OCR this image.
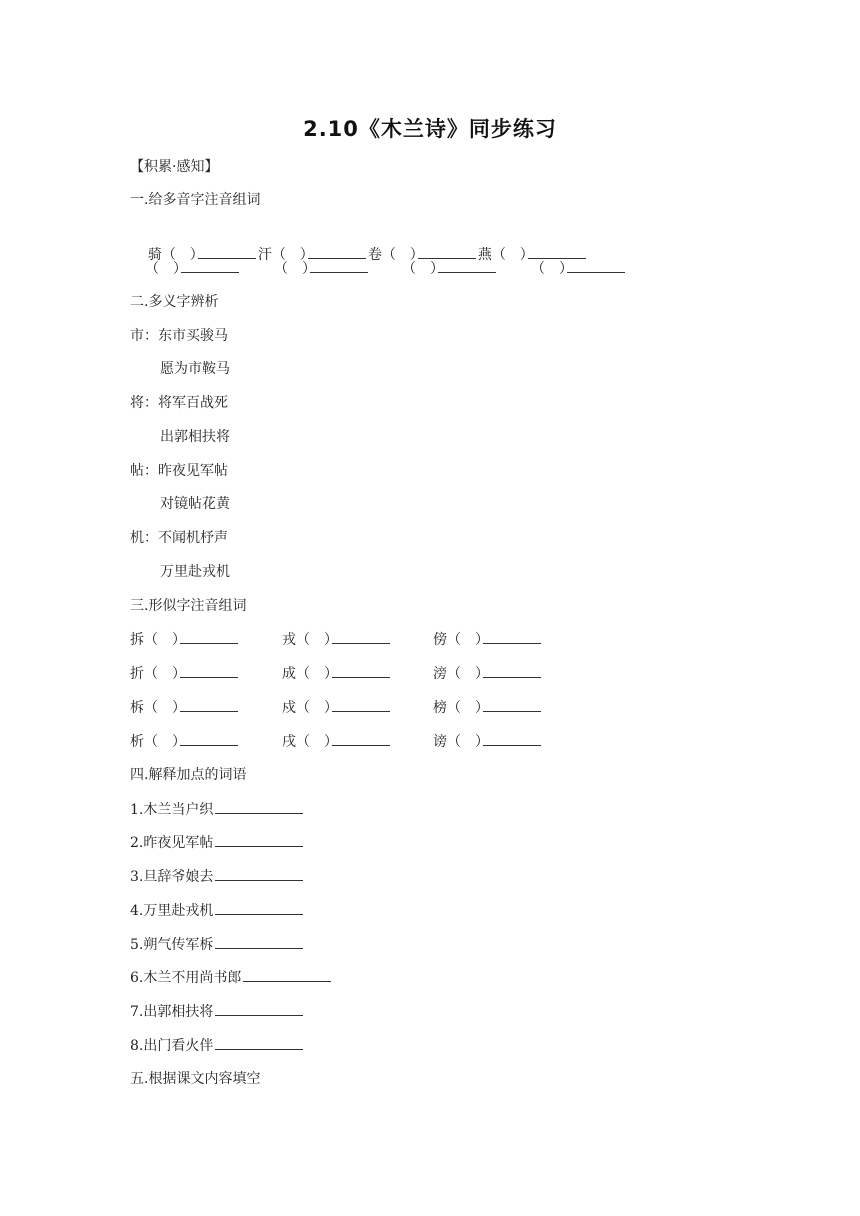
2.10《木兰诗》同步练习
【积累·感知】
一.给多音字注音组词

骑（　）	汗（　）	卷（　）	燕（　）

（　）	（　）	（　）	（　）
二.多义字辨析
市：东市买骏马
愿为市鞍马
将：将军百战死
出郭相扶将
帖：昨夜见军帖
对镜帖花黄
机：不闻机杼声
万里赴戎机
三.形似字注音组词
拆（　）	戎（　）	傍（　）
折（　）	成（　）	滂（　）
柝（　）	戍（　）	榜（　）
析（　）	戌（　）	谤（　）
四.解释加点的词语
1.木兰当户织
2.昨夜见军帖
3.旦辞爷娘去
4.万里赴戎机
5.朔气传军柝
6.木兰不用尚书郎
7.出郭相扶将
8.出门看火伴
五.根据课文内容填空
